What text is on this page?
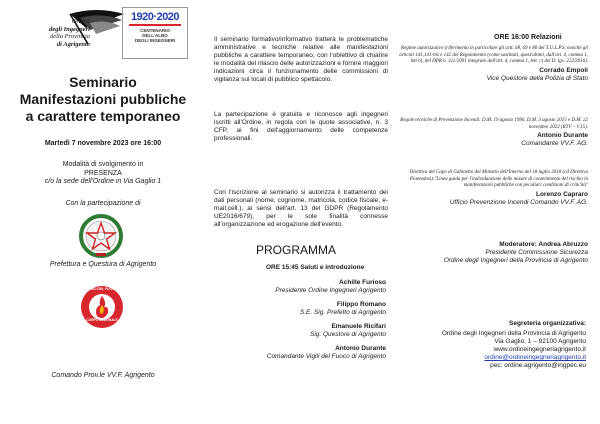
Ordine
degli Ingegneri
della Provincia
di Agrigento
1920·2020
CENTENARIO
DELL'ALBO
DEGLI INGEGNERI
Seminario
Manifestazioni pubbliche
a carattere temporaneo
Martedì 7 novembre 2023 ore 16:00
Modalità di svolgimento in
PRESENZA
c/o la sede dell'Ordine in Via Gaglio 1
Con la partecipazione di
Prefettura e Questura di Agrigento
VIGILI DEL FUOCO
CORPO NAZIONALE
Comando Prov.le VV.F. Agrigento
Il seminario formativo/informativo tratterà le problematiche amministrative e tecniche relative alle manifestazioni pubbliche a carattere temporaneo, con l'obiettivo di chiarire le modalità del rilascio delle autorizzazioni e fornire maggiori indicazioni circa il funzionamento delle commissioni di vigilanza sui locali di pubblico spettacolo.
La partecipazione è gratuita e riconosce agli ingegneri iscritti all'Ordine, in regola con le quote associative, n. 3 CFP, ai fini dell'aggiornamento delle competenze professionali.
Con l'iscrizione al seminario si autorizza il trattamento dei dati personali (nome, cognome, matricola, codice fiscale, e-mail,cell.), ai sensi dell'art. 13 del GDPR (Regolamento UE2016/679), per le sole finalità connesse all'organizzazione ed erogazione dell'evento.
PROGRAMMA
ORE 15:45 Saluti e introduzione
Achille Furioso
Presidente Ordine Ingegneri Agrigento
Filippo Romano
S.E. Sig. Prefetto di Agrigento
Emanuele Ricifari
Sig. Questore di Agrigento
Antonio Durante
Comandante Vigili del Fuoco di Agrigento
ORE 16:00 Relazioni
Regime autorizzativo (riferimento in particolare gli artt. 68, 69 e 80 del T.U.L.P.S, nonché gli articoli 141,141-bis e 142 del Regolamento (come sostituiti, quest'ultimi, dall'art. 4, comma 1, lett b), del DPR n. 311/2001 integrato dall'art. 4, comma 1, lett. c) del D. lgs. 222/2016).
Corrado Empoli
Vice Questore della Polizia di Stato
Regole tecniche di Prevenzione Incendi: D.M. 19 agosto 1996, D.M. 3 agosto 2015 e D.M. 22 novembre 2022 (RTV – V.15).
Antonio Durante
Comandante VV.F. AG.
Direttiva del Capo di Gabinetto del Ministro dell'Interno del 18 luglio 2018 (cd Direttiva Piantedosi)."Linea guida per l'individuazione delle misure di contenimento del rischio in manifestazioni pubbliche con peculiari condizioni di criticità"
Lorenzo Capraro
Ufficio Prevenzione Incendi Comando VV.F. AG.
Moderatore: Andrea Abruzzo
Presidente Commissione Sicurezza
Ordine degli Ingegneri della Provincia di Agrigento
Segreteria organizzativa:
Ordine degli Ingegneri della Provincia di Agrigento
Via Gaglio, 1 – 92100 Agrigento
www.ordineingegneriagrigento.it
ordine@ordineingegneriagrigento.it
pec: ordine.agrigento@ingpec.eu
